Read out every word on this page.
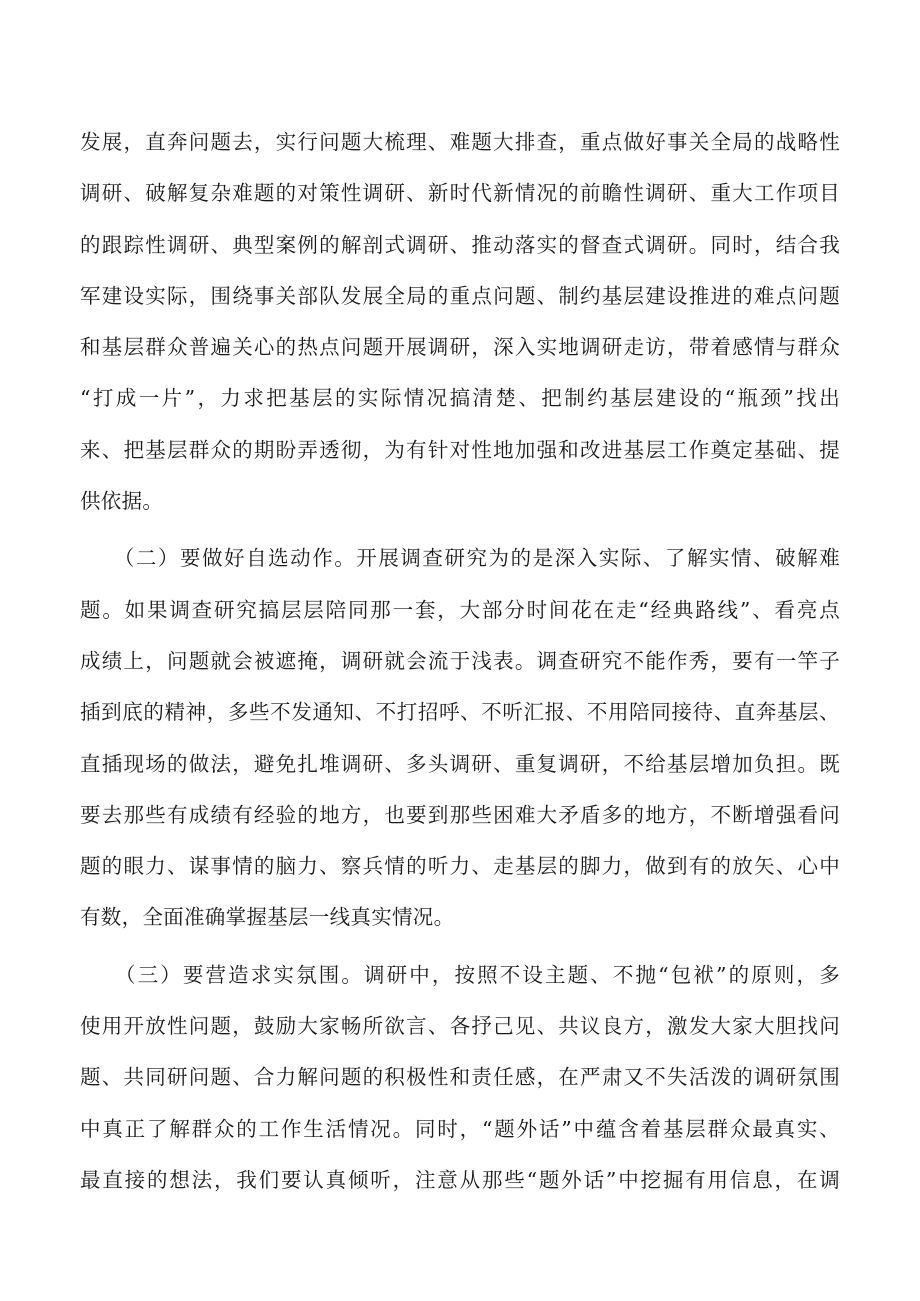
发展，直奔问题去，实行问题大梳理、难题大排查，重点做好事关全局的战略性
调研、破解复杂难题的对策性调研、新时代新情况的前瞻性调研、重大工作项目
的跟踪性调研、典型案例的解剖式调研、推动落实的督查式调研。同时，结合我
军建设实际，围绕事关部队发展全局的重点问题、制约基层建设推进的难点问题
和基层群众普遍关心的热点问题开展调研，深入实地调研走访，带着感情与群众
“打成一片”，力求把基层的实际情况搞清楚、把制约基层建设的“瓶颈”找出
来、把基层群众的期盼弄透彻，为有针对性地加强和改进基层工作奠定基础、提
供依据。
　　（二）要做好自选动作。开展调查研究为的是深入实际、了解实情、破解难
题。如果调查研究搞层层陪同那一套，大部分时间花在走“经典路线”、看亮点
成绩上，问题就会被遮掩，调研就会流于浅表。调查研究不能作秀，要有一竿子
插到底的精神，多些不发通知、不打招呼、不听汇报、不用陪同接待、直奔基层、
直插现场的做法，避免扎堆调研、多头调研、重复调研，不给基层增加负担。既
要去那些有成绩有经验的地方，也要到那些困难大矛盾多的地方，不断增强看问
题的眼力、谋事情的脑力、察兵情的听力、走基层的脚力，做到有的放矢、心中
有数，全面准确掌握基层一线真实情况。
　　（三）要营造求实氛围。调研中，按照不设主题、不抛“包袱”的原则，多
使用开放性问题，鼓励大家畅所欲言、各抒己见、共议良方，激发大家大胆找问
题、共同研问题、合力解问题的积极性和责任感，在严肃又不失活泼的调研氛围
中真正了解群众的工作生活情况。同时，“题外话”中蕴含着基层群众最真实、
最直接的想法，我们要认真倾听，注意从那些“题外话”中挖掘有用信息，在调
